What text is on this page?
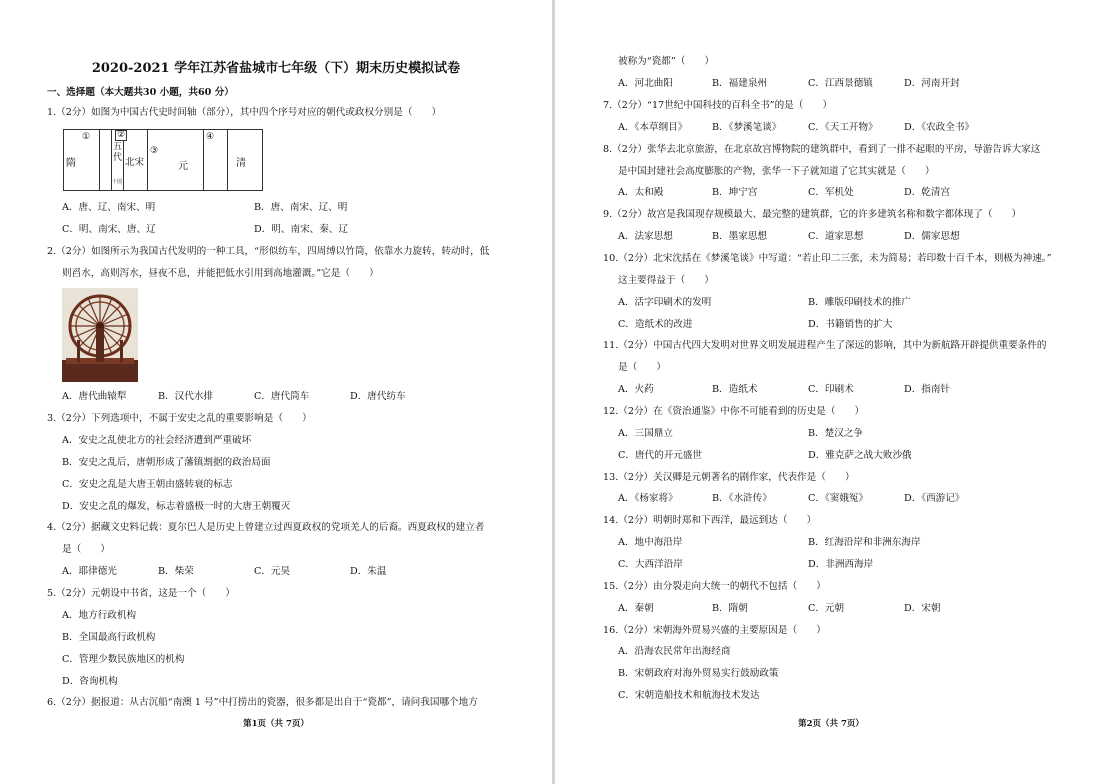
2020-2021 学年江苏省盐城市七年级（下）期末历史模拟试卷
一、选择题（本大题共30 小题，共60 分）
1.（2分）如图为中国古代史时间轴（部分），其中四个序号对应的朝代或政权分别是（　　）
隋
①
五代
十国
北宋
②
元
③
④
清
A．唐、辽、南宋、明	B．唐、南宋、辽、明
C．明、南宋、唐、辽	D．明、南宋、秦、辽
2.（2分）如图所示为我国古代发明的一种工具，“形似纺车，四周缚以竹筒，依靠水力旋转，转动时，低
则舀水，高则泻水，昼夜不息，并能把低水引用到高地灌溉。”它是（　　）
A．唐代曲辕犁	B．汉代水排	C．唐代筒车	D．唐代纺车
3.（2分）下列选项中，不属于安史之乱的重要影响是（　　）
A．安史之乱使北方的社会经济遭到严重破坏
B．安史之乱后，唐朝形成了藩镇割据的政治局面
C．安史之乱是大唐王朝由盛转衰的标志
D．安史之乱的爆发，标志着盛极一时的大唐王朝覆灭
4.（2分）据藏文史料记载：夏尔巴人是历史上曾建立过西夏政权的党项羌人的后裔。西夏政权的建立者
是（　　）
A．耶律德光	B．柴荣	C．元昊	D．朱温
5.（2分）元朝设中书省，这是一个（　　）
A．地方行政机构
B．全国最高行政机构
C．管理少数民族地区的机构
D．咨询机构
6.（2分）据报道：从古沉船“南澳 1 号”中打捞出的瓷器，很多都是出自于“瓷都”，请问我国哪个地方
第1页（共 7页）
被称为“瓷都”（　　）
A．河北曲阳	B．福建泉州	C．江西景德镇	D．河南开封
7.（2分）“17世纪中国科技的百科全书”的是（　　）
A．《本草纲目》	B．《梦溪笔谈》	C．《天工开物》	D．《农政全书》
8.（2分）张华去北京旅游，在北京故宫博物院的建筑群中，看到了一排不起眼的平房，导游告诉大家这
是中国封建社会高度膨胀的产物，张华一下子就知道了它其实就是（　　）
A．太和殿	B．坤宁宫	C．军机处	D．乾清宫
9.（2分）故宫是我国现存规模最大、最完整的建筑群，它的许多建筑名称和数字都体现了（　　）
A．法家思想	B．墨家思想	C．道家思想	D．儒家思想
10.（2分）北宋沈括在《梦溪笔谈》中写道：“若止印二三张，未为简易；若印数十百千本，则极为神速。”
这主要得益于（　　）
A．活字印刷术的发明	B．雕版印刷技术的推广
C．造纸术的改进	D．书籍销售的扩大
11.（2分）中国古代四大发明对世界文明发展进程产生了深远的影响，其中为新航路开辟提供重要条件的
是（　　）
A．火药	B．造纸术	C．印刷术	D．指南针
12.（2分）在《资治通鉴》中你不可能看到的历史是（　　）
A．三国鼎立	B．楚汉之争
C．唐代的开元盛世	D．雅克萨之战大败沙俄
13.（2分）关汉卿是元朝著名的剧作家，代表作是（　　）
A．《杨家将》	B．《水浒传》	C．《窦娥冤》	D．《西游记》
14.（2分）明朝时郑和下西洋，最远到达（　　）
A．地中海沿岸	B．红海沿岸和非洲东海岸
C．大西洋沿岸	D．非洲西海岸
15.（2分）由分裂走向大统一的朝代不包括（　　）
A．秦朝	B．隋朝	C．元朝	D．宋朝
16.（2分）宋朝海外贸易兴盛的主要原因是（　　）
A．沿海农民常年出海经商
B．宋朝政府对海外贸易实行鼓励政策
C．宋朝造船技术和航海技术发达
第2页（共 7页）
